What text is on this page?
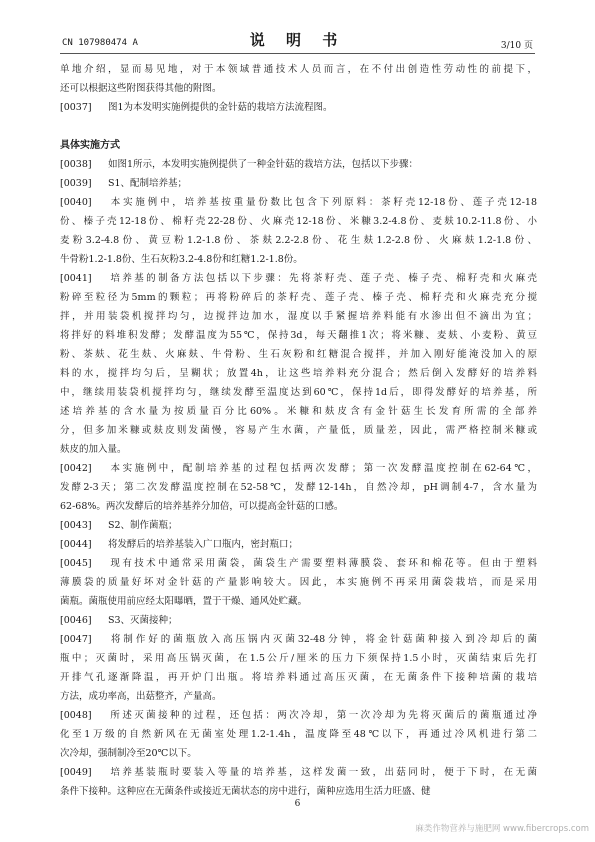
CN 107980474 A	说 明 书	3/10 页
单地介绍，显而易见地，对于本领域普通技术人员而言，在不付出创造性劳动性的前提下，
还可以根据这些附图获得其他的附图。
[0037] 图1为本发明实施例提供的金针菇的栽培方法流程图。
具体实施方式
[0038] 如图1所示，本发明实施例提供了一种金针菇的栽培方法，包括以下步骤：
[0039] S1、配制培养基；
[0040] 本实施例中，培养基按重量份数比包含下列原料：茶籽壳12-18份、莲子壳12-18
份、榛子壳12-18份、棉籽壳22-28份、火麻壳12-18份、米糠3.2-4.8份、麦麸10.2-11.8份、小
麦粉3.2-4.8份、黄豆粉1.2-1.8份、茶麸2.2-2.8份、花生麸1.2-2.8份、火麻麸1.2-1.8份、
牛骨粉1.2-1.8份、生石灰粉3.2-4.8份和红糖1.2-1.8份。
[0041] 培养基的制备方法包括以下步骤：先将茶籽壳、莲子壳、榛子壳、棉籽壳和火麻壳
粉碎至粒径为5mm的颗粒；再将粉碎后的茶籽壳、莲子壳、榛子壳、棉籽壳和火麻壳充分搅
拌，并用装袋机搅拌均匀，边搅拌边加水，湿度以手紧握培养料能有水渗出但不滴出为宜；
将拌好的料堆积发酵；发酵温度为55℃，保持3d，每天翻推1次；将米糠、麦麸、小麦粉、黄豆
粉、茶麸、花生麸、火麻麸、牛骨粉、生石灰粉和红糖混合搅拌，并加入刚好能淹没加入的原
料的水，搅拌均匀后，呈糊状；放置4h，让这些培养料充分混合；然后倒入发酵好的培养料
中，继续用装袋机搅拌均匀，继续发酵至温度达到60℃，保持1d后，即得发酵好的培养基，所
述培养基的含水量为按质量百分比60%。米糠和麸皮含有金针菇生长发育所需的全部养
分，但多加米糠或麸皮则发菌慢，容易产生水菌，产量低，质量差，因此，需严格控制米糠或
麸皮的加入量。
[0042] 本实施例中，配制培养基的过程包括两次发酵；第一次发酵温度控制在62-64℃，
发酵2-3天；第二次发酵温度控制在52-58℃，发酵12-14h，自然冷却，pH调制4-7，含水量为
62-68%。两次发酵后的培养基养分加倍，可以提高金针菇的口感。
[0043] S2、制作菌瓶；
[0044] 将发酵后的培养基装入广口瓶内，密封瓶口；
[0045] 现有技术中通常采用菌袋，菌袋生产需要塑料薄膜袋、套环和棉花等。但由于塑料
薄膜袋的质量好坏对金针菇的产量影响较大。因此，本实施例不再采用菌袋栽培，而是采用
菌瓶。菌瓶使用前应经太阳曝晒，置于干燥、通风处贮藏。
[0046] S3、灭菌接种；
[0047] 将制作好的菌瓶放入高压锅内灭菌32-48分钟，将金针菇菌种接入到冷却后的菌
瓶中；灭菌时，采用高压锅灭菌，在1.5公斤/厘米的压力下须保持1.5小时，灭菌结束后先打
开排气孔逐渐降温，再开炉门出瓶。将培养料通过高压灭菌，在无菌条件下接种培菌的栽培
方法，成功率高，出菇整齐，产量高。
[0048] 所述灭菌接种的过程，还包括：两次冷却，第一次冷却为先将灭菌后的菌瓶通过净
化至1万级的自然新风在无菌室处理1.2-1.4h，温度降至48℃以下，再通过冷风机进行第二
次冷却，强制制冷至20℃以下。
[0049] 培养基装瓶时要装入等量的培养基，这样发菌一致，出菇同时，便于下时，在无菌
条件下接种。这种应在无菌条件或接近无菌状态的房中进行，菌种应选用生活力旺盛、健
6
麻类作物营养与施肥网 www.fibercrops.com
